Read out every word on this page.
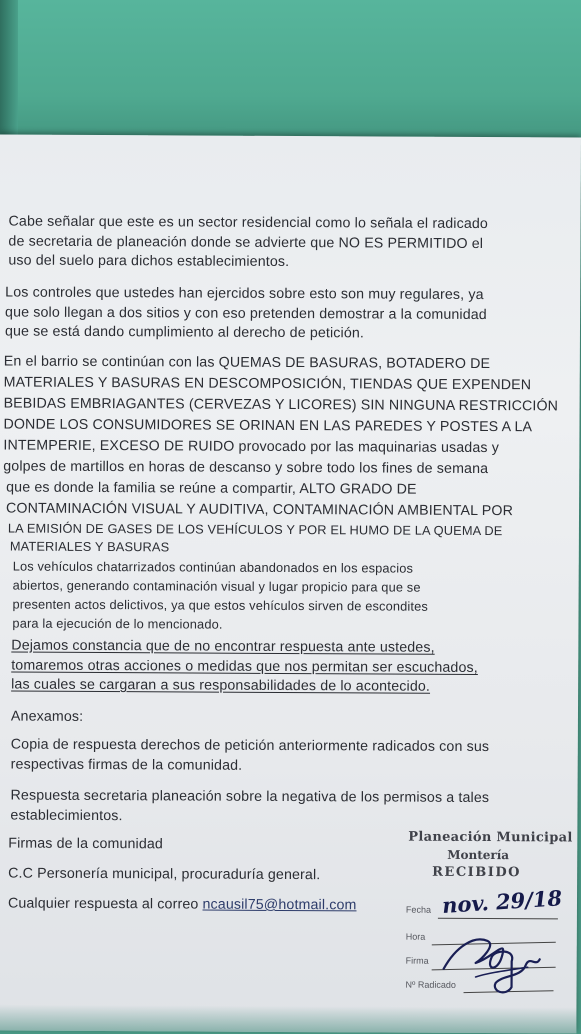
Cabe señalar que este es un sector residencial como lo señala el radicado
de secretaria de planeación donde se advierte que NO ES PERMITIDO el
uso del suelo para dichos establecimientos.
Los controles que ustedes han ejercidos sobre esto son muy regulares, ya
que solo llegan a dos sitios y con eso pretenden demostrar a la comunidad
que se está dando cumplimiento al derecho de petición.
En el barrio se continúan con las QUEMAS DE BASURAS, BOTADERO DE
MATERIALES Y BASURAS EN DESCOMPOSICIÓN, TIENDAS QUE EXPENDEN
BEBIDAS EMBRIAGANTES (CERVEZAS Y LICORES) SIN NINGUNA RESTRICCIÓN
DONDE LOS CONSUMIDORES SE ORINAN EN LAS PAREDES Y POSTES A LA
INTEMPERIE, EXCESO DE RUIDO provocado por las maquinarias usadas y
golpes de martillos en horas de descanso y sobre todo los fines de semana
que es donde la familia se reúne a compartir, ALTO GRADO DE
CONTAMINACIÓN VISUAL Y AUDITIVA, CONTAMINACIÓN AMBIENTAL POR
LA EMISIÓN DE GASES DE LOS VEHÍCULOS Y POR EL HUMO DE LA QUEMA DE
MATERIALES Y BASURAS
Los vehículos chatarrizados continúan abandonados en los espacios
abiertos, generando contaminación visual y lugar propicio para que se
presenten actos delictivos, ya que estos vehículos sirven de escondites
para la ejecución de lo mencionado.
Dejamos constancia que de no encontrar respuesta ante ustedes,
tomaremos otras acciones o medidas que nos permitan ser escuchados,
las cuales se cargaran a sus responsabilidades de lo acontecido.
Anexamos:
Copia de respuesta derechos de petición anteriormente radicados con sus
respectivas firmas de la comunidad.
Respuesta secretaria planeación sobre la negativa de los permisos a tales
establecimientos.
Firmas de la comunidad
C.C Personería municipal, procuraduría general.
Cualquier respuesta al correo ncausil75@hotmail.com
Planeación Municipal
Montería
RECIBIDO
Fecha nov. 29/18
Hora
Firma
Nº Radicado
